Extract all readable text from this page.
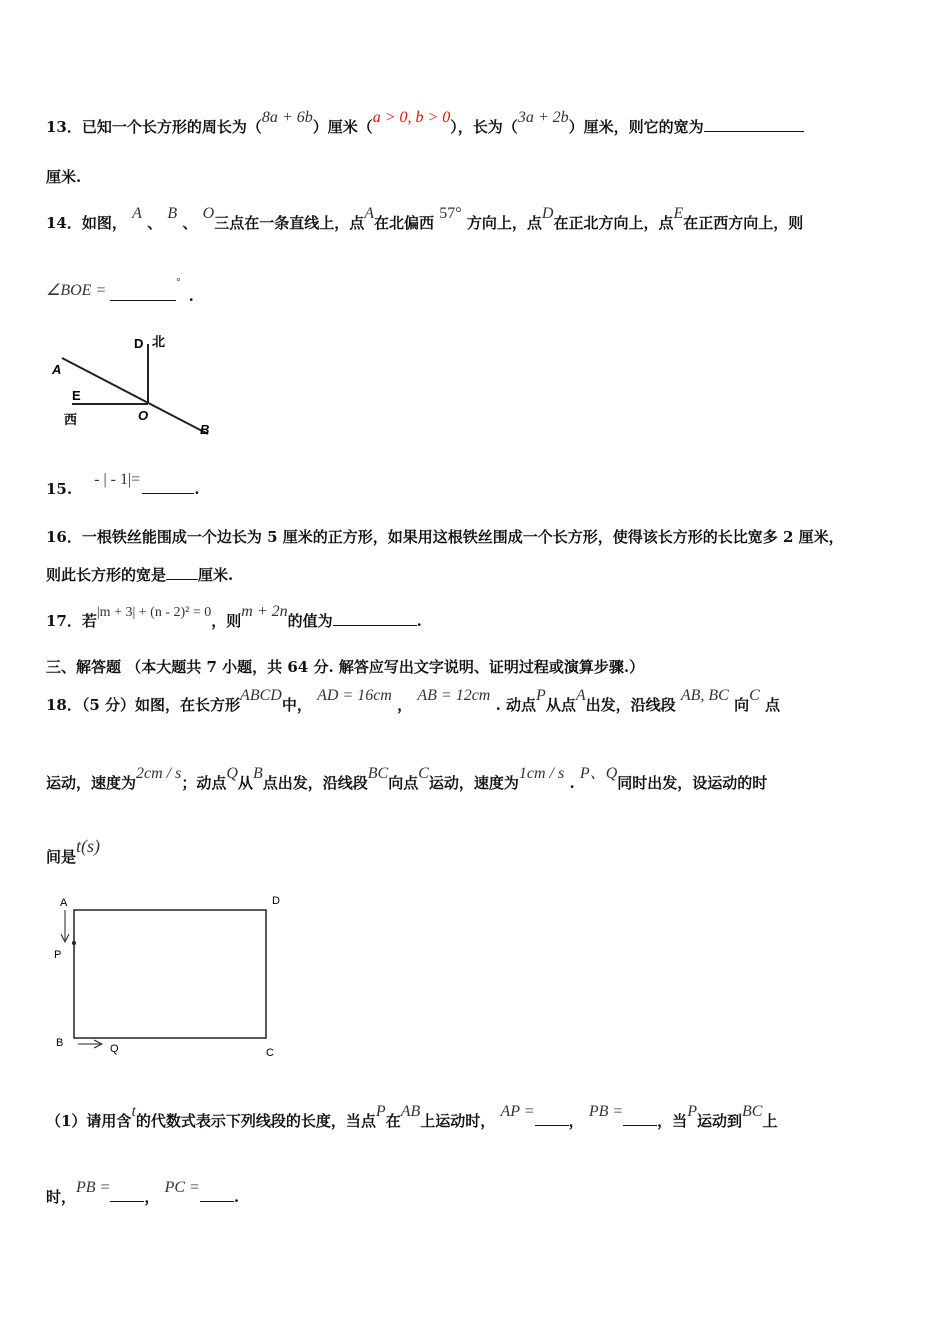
13．已知一个长方形的周长为（8a + 6b）厘米（a > 0, b > 0），长为（3a + 2b）厘米，则它的宽为
厘米.
14．如图， A 、 B 、 O三点在一条直线上，点A在北偏西 57° 方向上，点D在正北方向上，点E在正西方向上，则
∠BOE =	°.
D 北
A
E
西	O
B
15.- | - 1|=.
16．一根铁丝能围成一个边长为 5 厘米的正方形，如果用这根铁丝围成一个长方形，使得该长方形的长比宽多 2 厘米，
则此长方形的宽是 厘米.
17．若|m + 3| + (n - 2)² = 0，则m + 2n的值为	.
三、解答题 （本大题共 7 小题，共 64 分. 解答应写出文字说明、证明过程或演算步骤.）
18．（5 分）如图，在长方形ABCD中， AD = 16cm ， AB = 12cm . 动点P从点A出发，沿线段 AB, BC 向C 点
运动，速度为2cm / s；动点Q从B点出发，沿线段BC向点C运动，速度为1cm / s . P、Q同时出发，设运动的时
间是t(s)
A	D
P
B	Q	C
（1）请用含t的代数式表示下列线段的长度，当点P在AB上运动时， AP =， PB =，当P运动到BC上
时，PB =， PC =.
